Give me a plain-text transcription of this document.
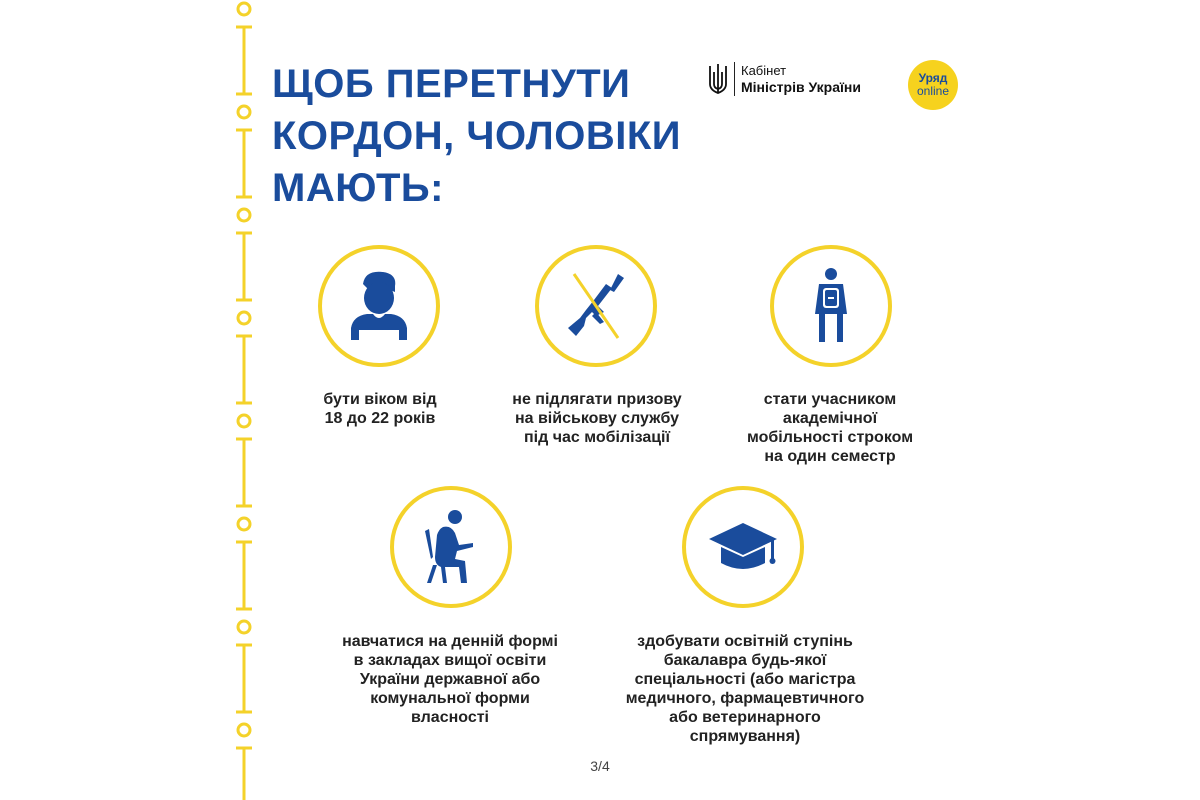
ЩОБ ПЕРЕТНУТИ
КОРДОН, ЧОЛОВІКИ
МАЮТЬ:
Кабінет
Міністрів України
Уряд
online
бути віком від
18 до 22 років
не підлягати призову
на військову службу
під час мобілізації
стати учасником
академічної
мобільності строком
на один семестр
навчатися на денній формі
в закладах вищої освіти
України державної або
комунальної форми
власності
здобувати освітній ступінь
бакалавра будь-якої
спеціальності (або магістра
медичного, фармацевтичного
або ветеринарного
спрямування)
3/4
